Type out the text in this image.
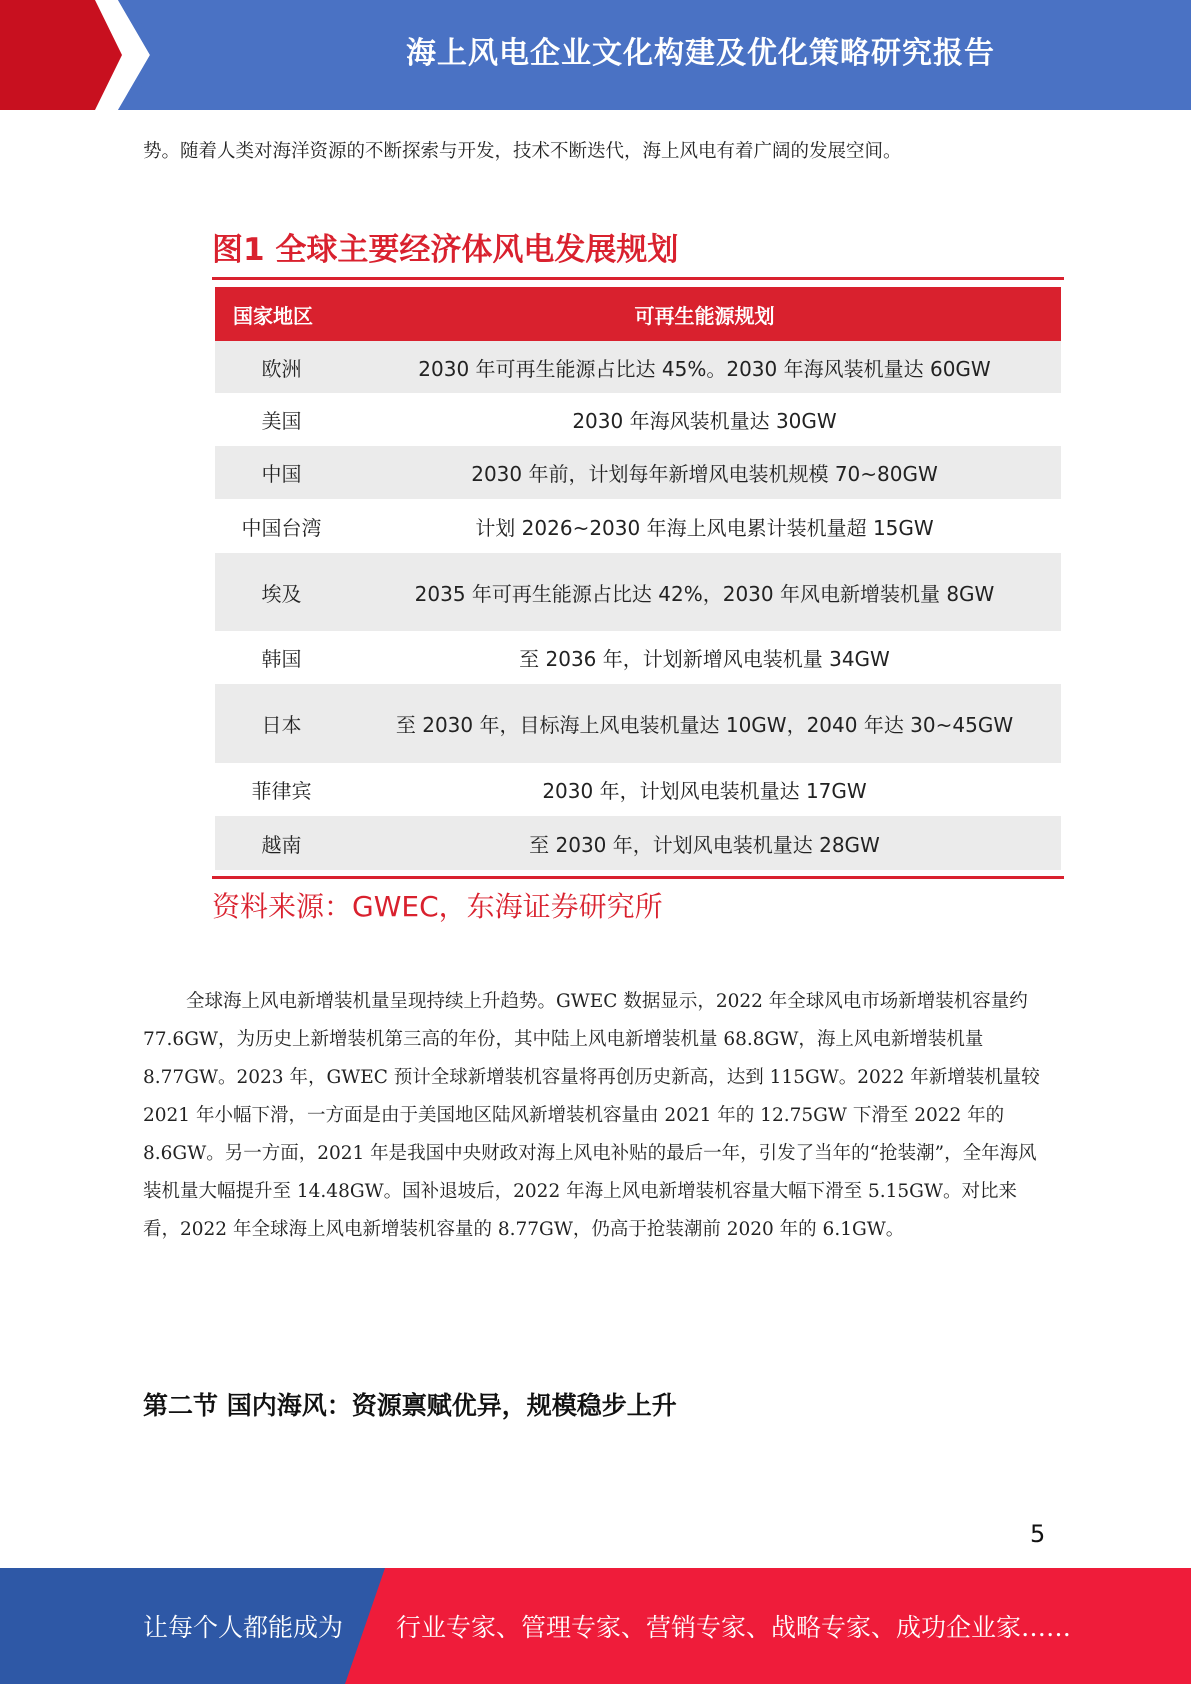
海上风电企业文化构建及优化策略研究报告

势。随着人类对海洋资源的不断探索与开发，技术不断迭代，海上风电有着广阔的发展空间。

图1 全球主要经济体风电发展规划
国家地区	可再生能源规划
欧洲	2030 年可再生能源占比达 45%。2030 年海风装机量达 60GW
美国	2030 年海风装机量达 30GW
中国	2030 年前，计划每年新增风电装机规模 70~80GW
中国台湾	计划 2026~2030 年海上风电累计装机量超 15GW
埃及	2035 年可再生能源占比达 42%，2030 年风电新增装机量 8GW
韩国	至 2036 年，计划新增风电装机量 34GW
日本	至 2030 年，目标海上风电装机量达 10GW，2040 年达 30~45GW
菲律宾	2030 年，计划风电装机量达 17GW
越南	至 2030 年，计划风电装机量达 28GW
资料来源：GWEC，东海证券研究所

全球海上风电新增装机量呈现持续上升趋势。GWEC 数据显示，2022 年全球风电市场新增装机容量约 77.6GW，为历史上新增装机第三高的年份，其中陆上风电新增装机量 68.8GW，海上风电新增装机量 8.77GW。2023 年，GWEC 预计全球新增装机容量将再创历史新高，达到 115GW。2022 年新增装机量较 2021 年小幅下滑，一方面是由于美国地区陆风新增装机容量由 2021 年的 12.75GW 下滑至 2022 年的 8.6GW。另一方面，2021 年是我国中央财政对海上风电补贴的最后一年，引发了当年的“抢装潮”，全年海风装机量大幅提升至 14.48GW。国补退坡后，2022 年海上风电新增装机容量大幅下滑至 5.15GW。对比来看，2022 年全球海上风电新增装机容量的 8.77GW，仍高于抢装潮前 2020 年的 6.1GW。

第二节 国内海风：资源禀赋优异，规模稳步上升
5
让每个人都能成为 行业专家、管理专家、营销专家、战略专家、成功企业家……
